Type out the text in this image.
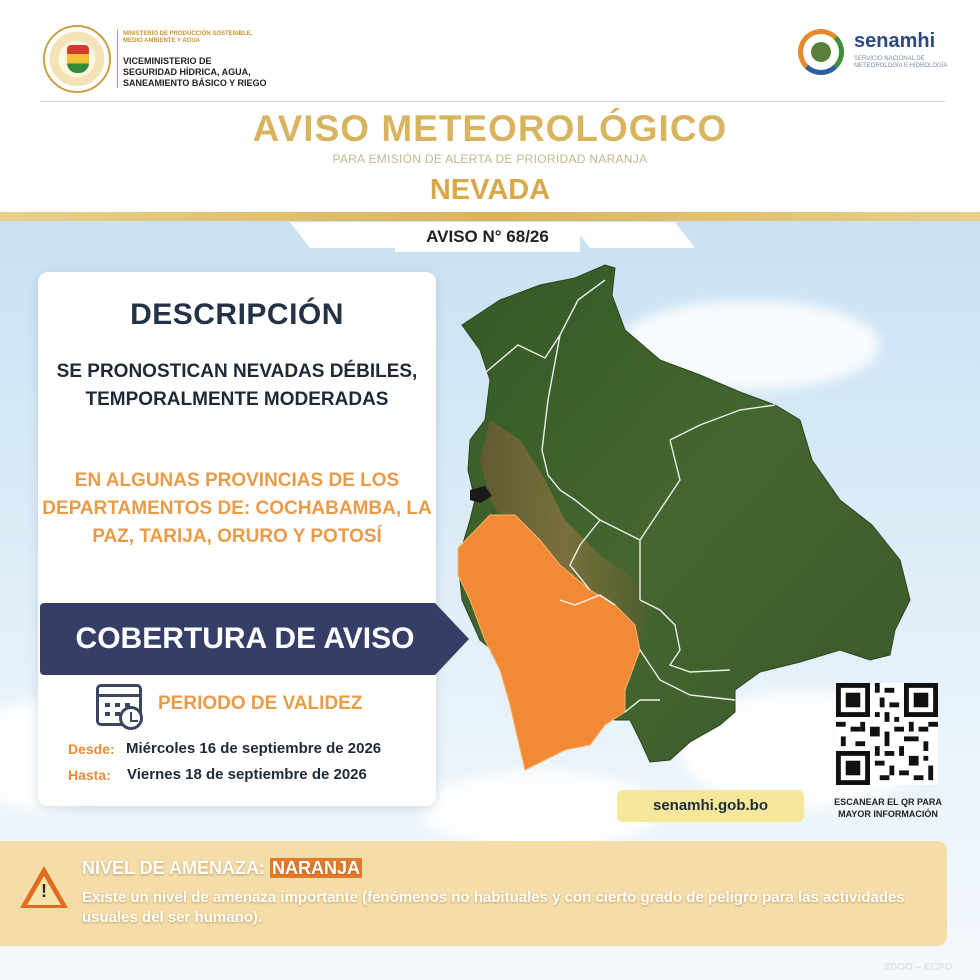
MINISTERIO DE PRODUCCIÓN SOSTENIBLE, MEDIO AMBIENTE Y AGUA
VICEMINISTERIO DE
SEGURIDAD HÍDRICA, AGUA,
SANEAMIENTO BÁSICO Y RIEGO
senamhi
SERVICIO NACIONAL DE METEOROLOGÍA E HIDROLOGÍA
AVISO METEOROLÓGICO
PARA EMISIÓN DE ALERTA DE PRIORIDAD NARANJA
NEVADA
AVISO N° 68/26
DESCRIPCIÓN
SE PRONOSTICAN NEVADAS DÉBILES, TEMPORALMENTE MODERADAS
EN ALGUNAS PROVINCIAS DE LOS DEPARTAMENTOS DE: COCHABAMBA, LA PAZ, TARIJA, ORURO Y POTOSÍ
COBERTURA DE AVISO
PERIODO DE VALIDEZ
Desde: Miércoles 16 de septiembre de 2026
Hasta: Viernes 18 de septiembre de 2026
ESCANEAR EL QR PARA MAYOR INFORMACIÓN
senamhi.gob.bo
!
NIVEL DE AMENAZA: NARANJA
Existe un nivel de amenaza importante (fenómenos no habituales y con cierto grado de peligro para las actividades usuales del ser humano).
ZDOO – ECPO
